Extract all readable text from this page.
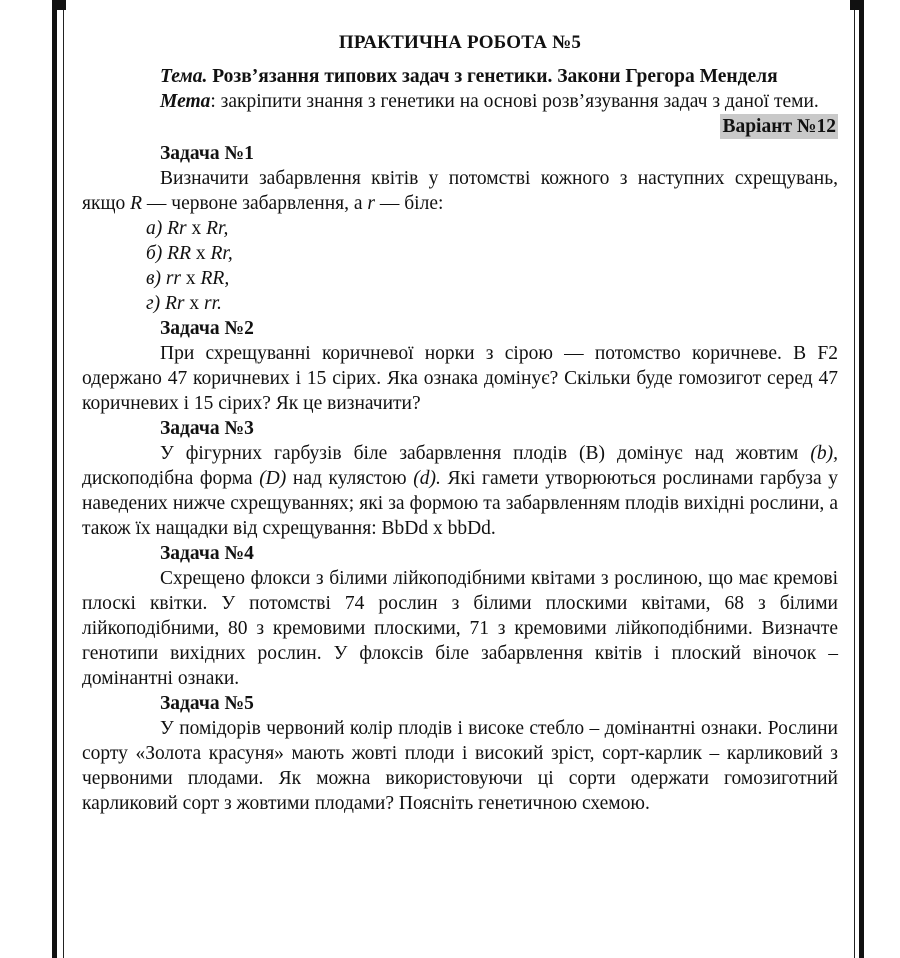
ПРАКТИЧНА РОБОТА №5

Тема. Розв’язання типових задач з генетики. Закони Грегора Менделя

Мета: закріпити знання з генетики на основі розв’язування задач з даної теми.

Варіант №12
Задача №1

Визначити забарвлення квітів у потомстві кожного з наступних схрещувань, якщо R — червоне забарвлення, а r — біле:

а) Rr х Rr,
б) RR х Rr,
в) rr х RR,
г) Rr х rr.
Задача №2

При схрещуванні коричневої норки з сірою — потомство коричневе. В F2 одержано 47 коричневих і 15 сірих. Яка ознака домінує? Скільки буде гомозигот серед 47 коричневих і 15 сірих? Як це визначити?

Задача №3

У фігурних гарбузів біле забарвлення плодів (В) домінує над жовтим (b), дископодібна форма (D) над кулястою (d). Які гамети утворюються рослинами гарбуза у наведених нижче схрещуваннях; які за формою та забарвленням плодів вихідні рослини, а також їх нащадки від схрещування: BbDd x bbDd.

Задача №4

Схрещено флокси з білими лійкоподібними квітами з рослиною, що має кремові плоскі квітки. У потомстві 74 рослин з білими плоскими квітами, 68 з білими лійкоподібними, 80 з кремовими плоскими, 71 з кремовими лійкоподібними. Визначте генотипи вихідних рослин. У флоксів біле забарвлення квітів і плоский віночок – домінантні ознаки.

Задача №5

У помідорів червоний колір плодів і високе стебло – домінантні ознаки. Рослини сорту «Золота красуня» мають жовті плоди і високий зріст, сорт-карлик – карликовий з червоними плодами. Як можна використовуючи ці сорти одержати гомозиготний карликовий сорт з жовтими плодами? Поясніть генетичною схемою.
